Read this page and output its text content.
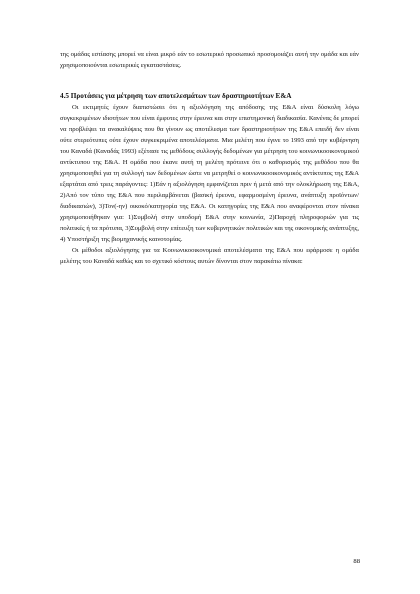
της ομάδας εστίασης μπορεί να είναι μικρό εάν το εσωτερικό προσωπικό προσομοιάζει αυτή την ομάδα και εάν χρησιμοποιούνται εσωτερικές εγκαταστάσεις.

4.5 Προτάσεις για μέτρηση των αποτελεσμάτων των δραστηριοτήτων Ε&Α

Οι εκτιμητές έχουν διαπιστώσει ότι η αξιολόγηση της απόδοσης της Ε&Α είναι δύσκολη λόγω συγκεκριμένων ιδιοτήτων που είναι έμφυτες στην έρευνα και στην επιστημονική διαδικασία. Κανένας δε μπορεί να προβλέψει τα ανακαλύψεις που θα γίνουν ως αποτέλεσμα των δραστηριοτήτων της Ε&Α επειδή δεν είναι ούτε στερεότυπες ούτε έχουν συγκεκριμένα αποτελέσματα. Μια μελέτη που έγινε το 1993 από την κυβέρνηση του Καναδά (Καναδάς 1993) εξέτασε τις μεθόδους συλλογής δεδομένων για μέτρηση του κοινωνικοοικονομικού αντίκτυπου της Ε&Α. Η ομάδα που έκανε αυτή τη μελέτη πρότεινε ότι ο καθορισμός της μεθόδου που θα χρησιμοποιηθεί για τη συλλογή των δεδομένων ώστε να μετρηθεί ο κοινωνικοοικονομικός αντίκτυπος της Ε&Α εξαρτάται από τρεις παράγοντες: 1)Εάν η αξιολόγηση εμφανίζεται πριν ή μετά από την ολοκλήρωση της Ε&Α, 2)Από τον τύπο της Ε&Α που περιλαμβάνεται (βασική έρευνα, εφαρμοσμένη έρευνα, ανάπτυξη προϊόντων/διαδικασιών), 3)Τον(-ην) οικοκό/κατηγορία της Ε&Α. Οι κατηγορίες της Ε&Α που αναφέρονται στον πίνακα χρησιμοποιήθηκαν για: 1)Συμβολή στην υποδομή Ε&Α στην κοινωνία, 2)Παροχή πληροφοριών για τις πολιτικές ή τα πρότυπα, 3)Συμβολή στην επίτευξη των κυβερνητικών πολιτικών και της οικονομικής ανάπτυξης, 4) Υποστήριξη της βιομηχανικής καινοτομίας.

Οι μέθοδοι αξιολόγησης για τα Κοινωνικοοικονομικά αποτελέσματα της Ε&Α που εφάρμοσε η ομάδα μελέτης του Καναδά καθώς και το σχετικό κόστους αυτών δίνονται στον παρακάτω πίνακα:

88
